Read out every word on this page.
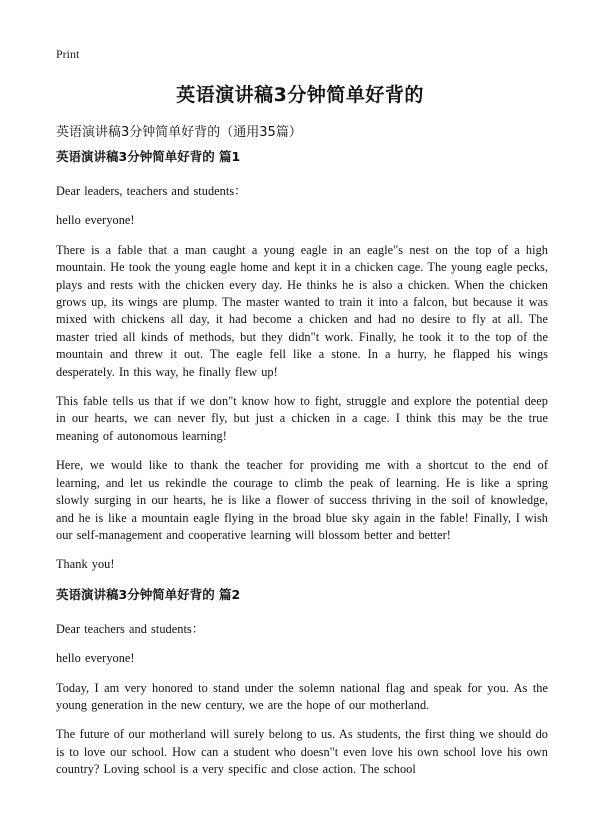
Print
英语演讲稿3分钟简单好背的
英语演讲稿3分钟简单好背的（通用35篇）
英语演讲稿3分钟简单好背的 篇1

Dear leaders, teachers and students：

hello everyone!

There is a fable that a man caught a young eagle in an eagle"s nest on the top of a high mountain. He took the young eagle home and kept it in a chicken cage. The young eagle pecks, plays and rests with the chicken every day. He thinks he is also a chicken. When the chicken grows up, its wings are plump. The master wanted to train it into a falcon, but because it was mixed with chickens all day, it had become a chicken and had no desire to fly at all. The master tried all kinds of methods, but they didn"t work. Finally, he took it to the top of the mountain and threw it out. The eagle fell like a stone. In a hurry, he flapped his wings desperately. In this way, he finally flew up!

This fable tells us that if we don"t know how to fight, struggle and explore the potential deep in our hearts, we can never fly, but just a chicken in a cage. I think this may be the true meaning of autonomous learning!

Here, we would like to thank the teacher for providing me with a shortcut to the end of learning, and let us rekindle the courage to climb the peak of learning. He is like a spring slowly surging in our hearts, he is like a flower of success thriving in the soil of knowledge, and he is like a mountain eagle flying in the broad blue sky again in the fable! Finally, I wish our self-management and cooperative learning will blossom better and better!

Thank you!

英语演讲稿3分钟简单好背的 篇2

Dear teachers and students：

hello everyone!

Today, I am very honored to stand under the solemn national flag and speak for you. As the young generation in the new century, we are the hope of our motherland.

The future of our motherland will surely belong to us. As students, the first thing we should do is to love our school. How can a student who doesn"t even love his own school love his own country? Loving school is a very specific and close action. The school
